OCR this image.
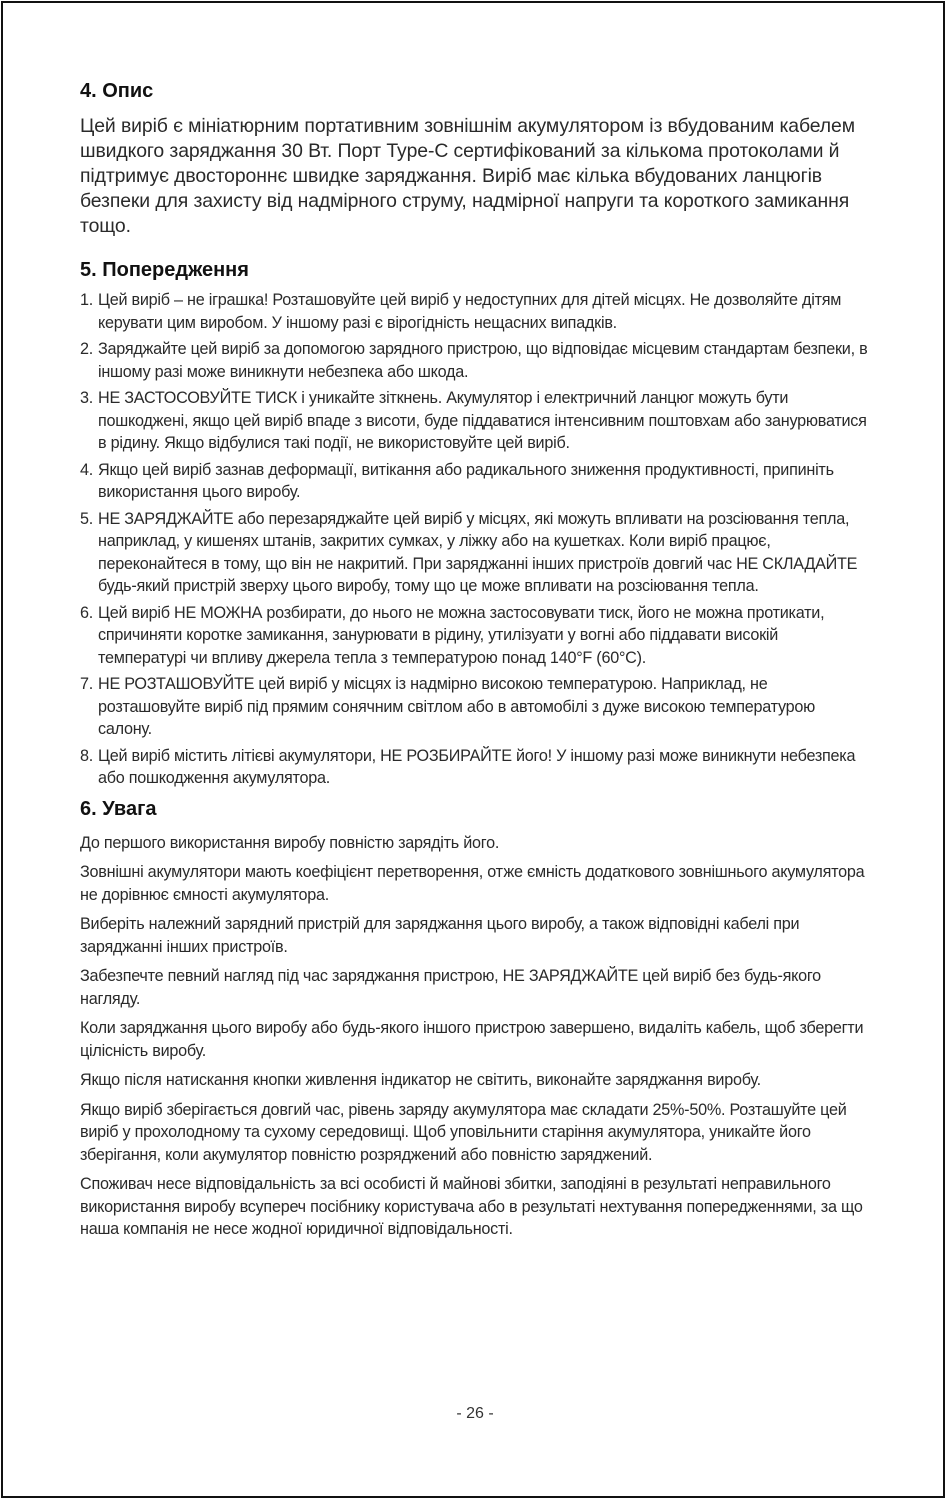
4. Опис

Цей виріб є мініатюрним портативним зовнішнім акумулятором із вбудованим кабелем швидкого заряджання 30 Вт. Порт Type-C сертифікований за кількома протоколами й підтримує двостороннє швидке заряджання. Виріб має кілька вбудованих ланцюгів безпеки для захисту від надмірного струму, надмірної напруги та короткого замикання тощо.

5. Попередження
1. Цей виріб – не іграшка! Розташовуйте цей виріб у недоступних для дітей місцях. Не дозволяйте дітям керувати цим виробом. У іншому разі є вірогідність нещасних випадків.
2. Заряджайте цей виріб за допомогою зарядного пристрою, що відповідає місцевим стандартам безпеки, в іншому разі може виникнути небезпека або шкода.
3. НЕ ЗАСТОСОВУЙТЕ ТИСК і уникайте зіткнень. Акумулятор і електричний ланцюг можуть бути пошкоджені, якщо цей виріб впаде з висоти, буде піддаватися інтенсивним поштовхам або занурюватися в рідину. Якщо відбулися такі події, не використовуйте цей виріб.
4. Якщо цей виріб зазнав деформації, витікання або радикального зниження продуктивності, припиніть використання цього виробу.
5. НЕ ЗАРЯДЖАЙТЕ або перезаряджайте цей виріб у місцях, які можуть впливати на розсіювання тепла, наприклад, у кишенях штанів, закритих сумках, у ліжку або на кушетках. Коли виріб працює, переконайтеся в тому, що він не накритий. При заряджанні інших пристроїв довгий час НЕ СКЛАДАЙТЕ будь-який пристрій зверху цього виробу, тому що це може впливати на розсіювання тепла.
6. Цей виріб НЕ МОЖНА розбирати, до нього не можна застосовувати тиск, його не можна протикати, спричиняти коротке замикання, занурювати в рідину, утилізуати у вогні або піддавати високій температурі чи впливу джерела тепла з температурою понад 140°F (60°C).
7. НЕ РОЗТАШОВУЙТЕ цей виріб у місцях із надмірно високою температурою. Наприклад, не розташовуйте виріб під прямим сонячним світлом або в автомобілі з дуже високою температурою салону.
8. Цей виріб містить літієві акумулятори, НЕ РОЗБИРАЙТЕ його! У іншому разі може виникнути небезпека або пошкодження акумулятора.
6. Увага

До першого використання виробу повністю зарядіть його.

Зовнішні акумулятори мають коефіцієнт перетворення, отже ємність додаткового зовнішнього акумулятора не дорівнює ємності акумулятора.

Виберіть належний зарядний пристрій для заряджання цього виробу, а також відповідні кабелі при заряджанні інших пристроїв.

Забезпечте певний нагляд під час заряджання пристрою, НЕ ЗАРЯДЖАЙТЕ цей виріб без будь-якого нагляду.

Коли заряджання цього виробу або будь-якого іншого пристрою завершено, видаліть кабель, щоб зберегти цілісність виробу.

Якщо після натискання кнопки живлення індикатор не світить, виконайте заряджання виробу.

Якщо виріб зберігається довгий час, рівень заряду акумулятора має складати 25%-50%. Розташуйте цей виріб у прохолодному та сухому середовищі. Щоб уповільнити старіння акумулятора, уникайте його зберігання, коли акумулятор повністю розряджений або повністю заряджений.

Споживач несе відповідальність за всі особисті й майнові збитки, заподіяні в результаті неправильного використання виробу всупереч посібнику користувача або в результаті нехтування попередженнями, за що наша компанія не несе жодної юридичної відповідальності.

- 26 -
